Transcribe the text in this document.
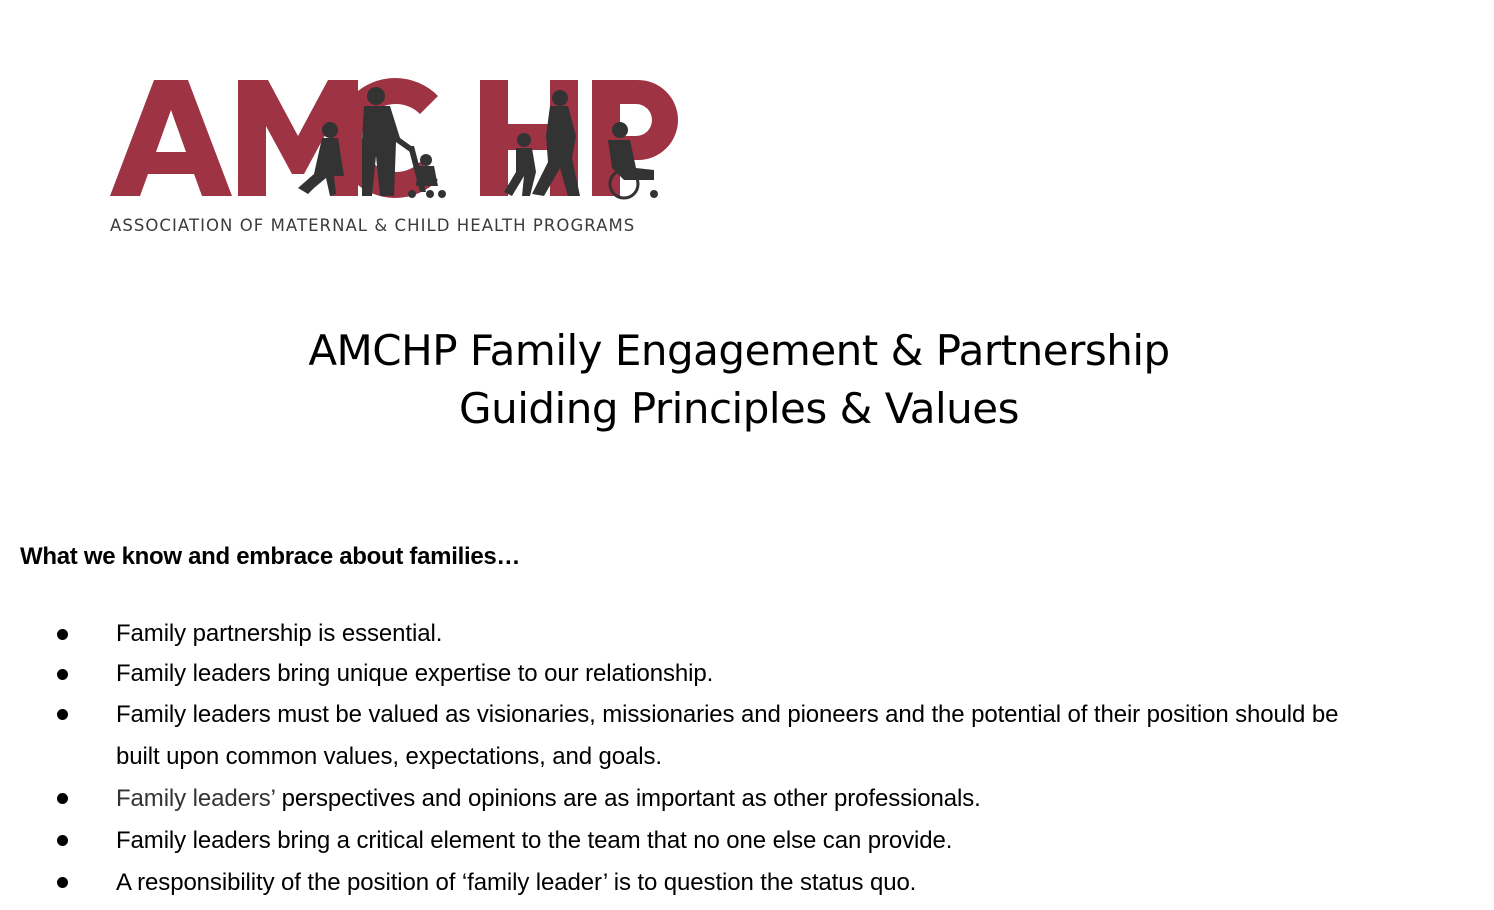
ASSOCIATION OF MATERNAL & CHILD HEALTH PROGRAMS
AMCHP Family Engagement & Partnership
Guiding Principles & Values
What we know and embrace about families…
Family partnership is essential.
Family leaders bring unique expertise to our relationship.
Family leaders must be valued as visionaries, missionaries and pioneers and the potential of their position should be built upon common values, expectations, and goals.
Family leaders’ perspectives and opinions are as important as other professionals.
Family leaders bring a critical element to the team that no one else can provide.
A responsibility of the position of ‘family leader’ is to question the status quo.
